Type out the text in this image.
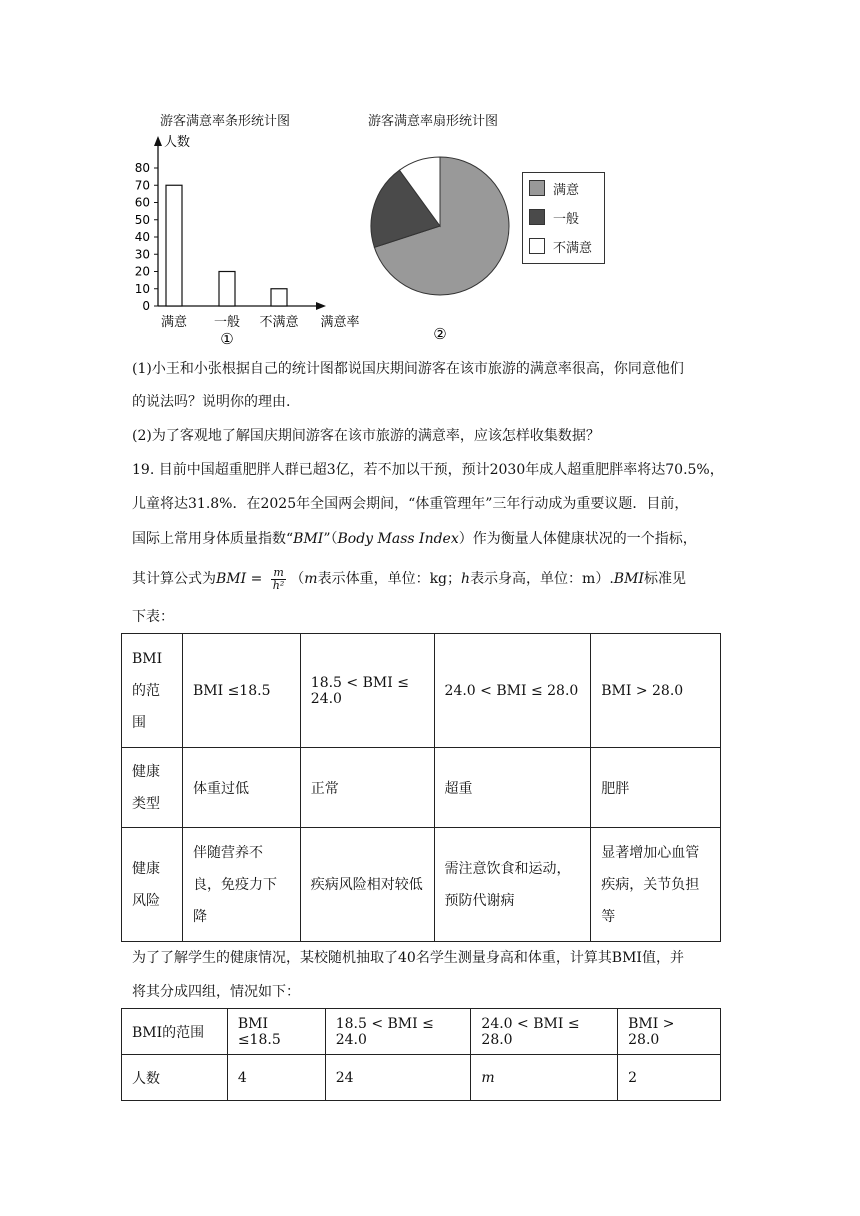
游客满意率条形统计图	游客满意率扇形统计图
人数
0
10
20
30
40
50
60
70
80
满意 一般 不满意 满意率
①	②
满意
一般
不满意
(1)小王和小张根据自己的统计图都说国庆期间游客在该市旅游的满意率很高，你同意他们
的说法吗？说明你的理由.
(2)为了客观地了解国庆期间游客在该市旅游的满意率，应该怎样收集数据？
19. 目前中国超重肥胖人群已超3亿，若不加以干预，预计2030年成人超重肥胖率将达70.5%，
儿童将达31.8%．在2025年全国两会期间，“体重管理年”三年行动成为重要议题．目前，
国际上常用身体质量指数“BMI”（Body Mass Index）作为衡量人体健康状况的一个指标，
其计算公式为BMI = $\frac{m}{\text{h²}} (m$表示体重，单位：kg；h表示身高，单位：m）.BMI标准见
下表：
BMI的范围	BMI ≤18.5	18.5 < BMI ≤ 24.0	24.0 < BMI ≤ 28.0	BMI > 28.0
健康类型	体重过低	正常	超重	肥胖
健康风险	伴随营养不良，免疫力下降	疾病风险相对较低	需注意饮食和运动，预防代谢病	显著增加心血管疾病，关节负担等
为了了解学生的健康情况，某校随机抽取了40名学生测量身高和体重，计算其BMI值，并
将其分成四组，情况如下：
BMI的范围	BMI ≤18.5	18.5 < BMI ≤ 24.0	24.0 < BMI ≤ 28.0	BMI > 28.0
人数	4	24	m	2
